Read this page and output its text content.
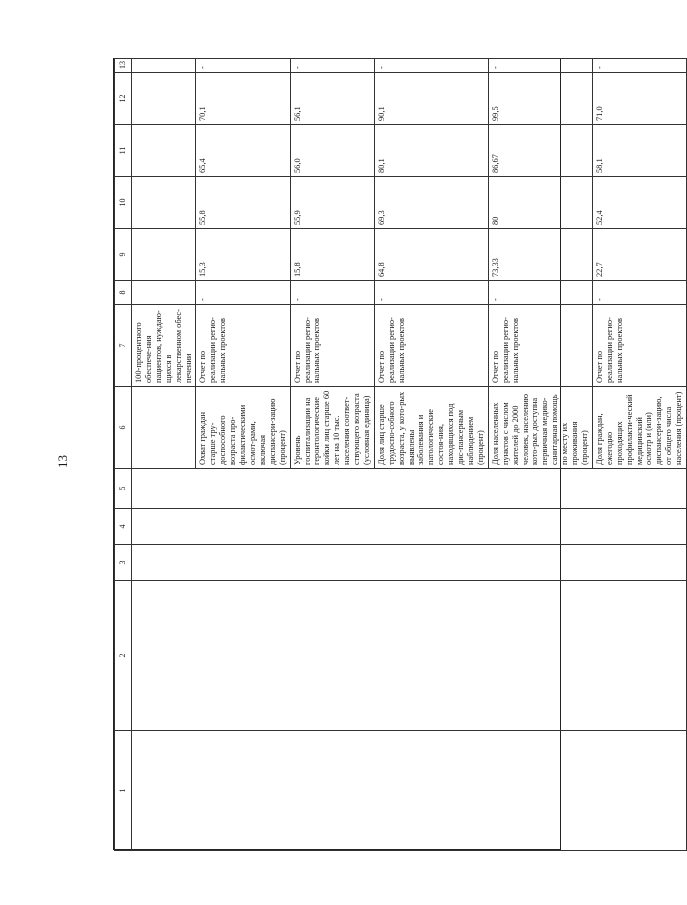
13
1	2	3	4	5	6	7	8	9	10	11	12	13
						100-процентного обеспече-ния пациентов, нуждаю-щихся в лекарственном обес-печении						
					Охват граждан старше тру-доспособного возраста про-филактическими осмот-рами, включая диспансери-зацию (процент)	Отчет по реализации регио-нальных проектов	-	15,3	55,8	65,4	70,1	-
					Уровень госпитализации на геронтологические койки лиц старше 60 лет на 10 тыс. населения соответ-ствующего возраста (условная единица)	Отчет по реализации регио-нальных проектов	-	15,8	55,9	56,0	56,1	-
					Доля лиц старше трудоспо-собного возраста, у кото-рых выявлены заболевания и патологические состоя-ния, находящихся под дис-пансерным наблюдением (процент)	Отчет по реализации регио-нальных проектов	-	64,8	69,3	80,1	90,1	-
					Доля населенных пунктов с числом жителей до 2000 человек, населению кото-рых доступна первичная медико-санитарная помощь по месту их проживания (процент)	Отчет по реализации регио-нальных проектов	-	73,33	80	86,67	99,5	-
					Доля граждан, ежегодно проходящих профилакти-ческий медицинский осмотр и (или) диспансери-зацию, от общего числа населения (процент)	Отчет по реализации регио-нальных проектов	-	22,7	52,4	58,1	71,0	-
